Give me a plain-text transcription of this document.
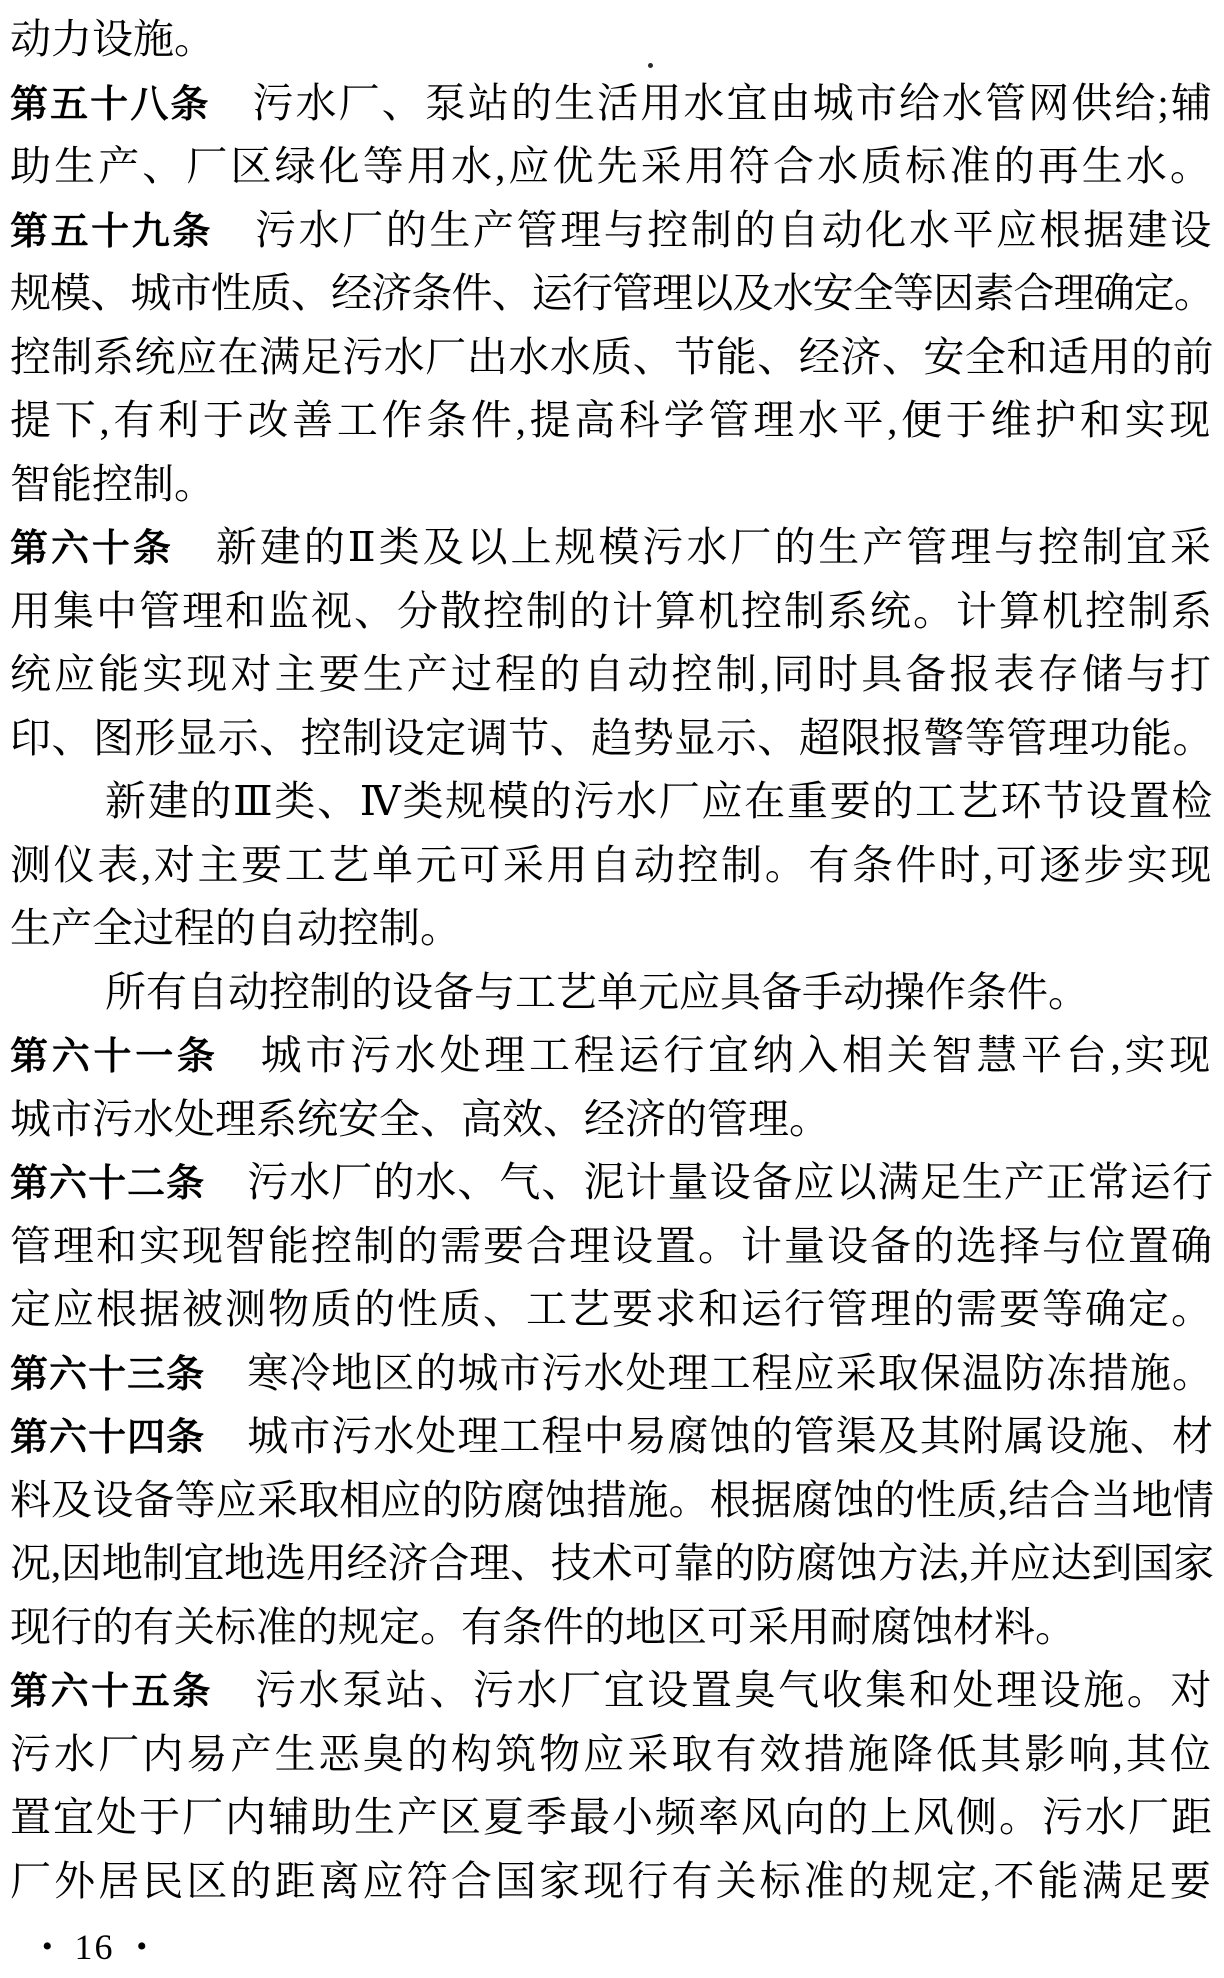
动力设施。
第五十八条 污水厂、泵站的生活用水宜由城市给水管网供给;辅
助生产、厂区绿化等用水,应优先采用符合水质标准的再生水。
第五十九条 污水厂的生产管理与控制的自动化水平应根据建设
规模、城市性质、经济条件、运行管理以及水安全等因素合理确定。
控制系统应在满足污水厂出水水质、节能、经济、安全和适用的前
提下,有利于改善工作条件,提高科学管理水平,便于维护和实现
智能控制。
第六十条 新建的Ⅱ类及以上规模污水厂的生产管理与控制宜采
用集中管理和监视、分散控制的计算机控制系统。计算机控制系
统应能实现对主要生产过程的自动控制,同时具备报表存储与打
印、图形显示、控制设定调节、趋势显示、超限报警等管理功能。
新建的Ⅲ类、Ⅳ类规模的污水厂应在重要的工艺环节设置检
测仪表,对主要工艺单元可采用自动控制。有条件时,可逐步实现
生产全过程的自动控制。
所有自动控制的设备与工艺单元应具备手动操作条件。
第六十一条 城市污水处理工程运行宜纳入相关智慧平台,实现
城市污水处理系统安全、高效、经济的管理。
第六十二条 污水厂的水、气、泥计量设备应以满足生产正常运行
管理和实现智能控制的需要合理设置。计量设备的选择与位置确
定应根据被测物质的性质、工艺要求和运行管理的需要等确定。
第六十三条 寒冷地区的城市污水处理工程应采取保温防冻措施。
第六十四条 城市污水处理工程中易腐蚀的管渠及其附属设施、材
料及设备等应采取相应的防腐蚀措施。根据腐蚀的性质,结合当地情
况,因地制宜地选用经济合理、技术可靠的防腐蚀方法,并应达到国家
现行的有关标准的规定。有条件的地区可采用耐腐蚀材料。
第六十五条 污水泵站、污水厂宜设置臭气收集和处理设施。对
污水厂内易产生恶臭的构筑物应采取有效措施降低其影响,其位
置宜处于厂内辅助生产区夏季最小频率风向的上风侧。污水厂距
厂外居民区的距离应符合国家现行有关标准的规定,不能满足要
• 16 •
